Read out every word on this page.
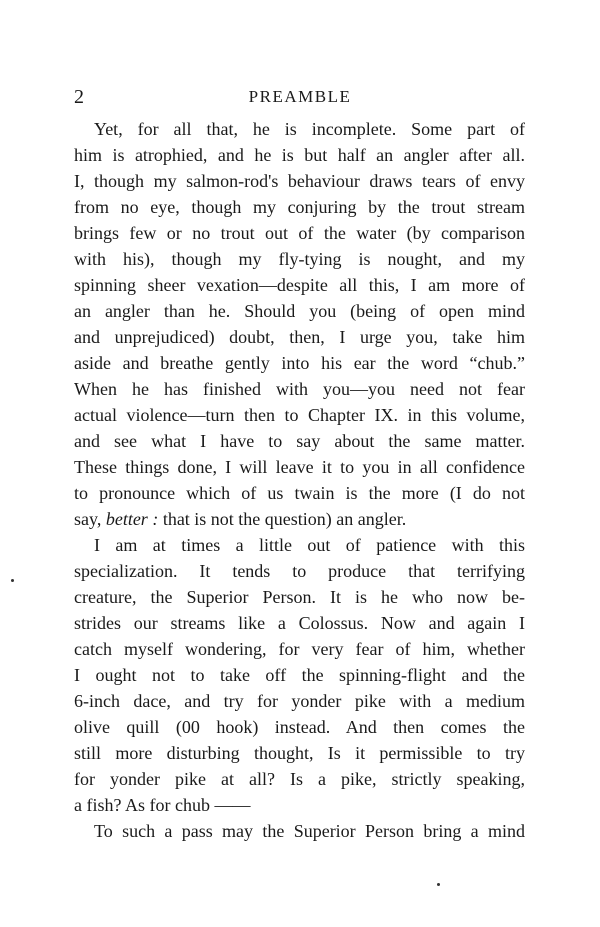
2	PREAMBLE
Yet, for all that, he is incomplete. Some part of
him is atrophied, and he is but half an angler after all.
I, though my salmon-rod's behaviour draws tears of envy
from no eye, though my conjuring by the trout stream
brings few or no trout out of the water (by comparison
with his), though my fly-tying is nought, and my
spinning sheer vexation—despite all this, I am more of
an angler than he. Should you (being of open mind
and unprejudiced) doubt, then, I urge you, take him
aside and breathe gently into his ear the word “chub.”
When he has finished with you—you need not fear
actual violence—turn then to Chapter IX. in this volume,
and see what I have to say about the same matter.
These things done, I will leave it to you in all confidence
to pronounce which of us twain is the more (I do not
say, better : that is not the question) an angler.
I am at times a little out of patience with this
specialization. It tends to produce that terrifying
creature, the Superior Person. It is he who now be-
strides our streams like a Colossus. Now and again I
catch myself wondering, for very fear of him, whether
I ought not to take off the spinning-flight and the
6-inch dace, and try for yonder pike with a medium
olive quill (00 hook) instead. And then comes the
still more disturbing thought, Is it permissible to try
for yonder pike at all? Is a pike, strictly speaking,
a fish? As for chub ——
To such a pass may the Superior Person bring a mind
